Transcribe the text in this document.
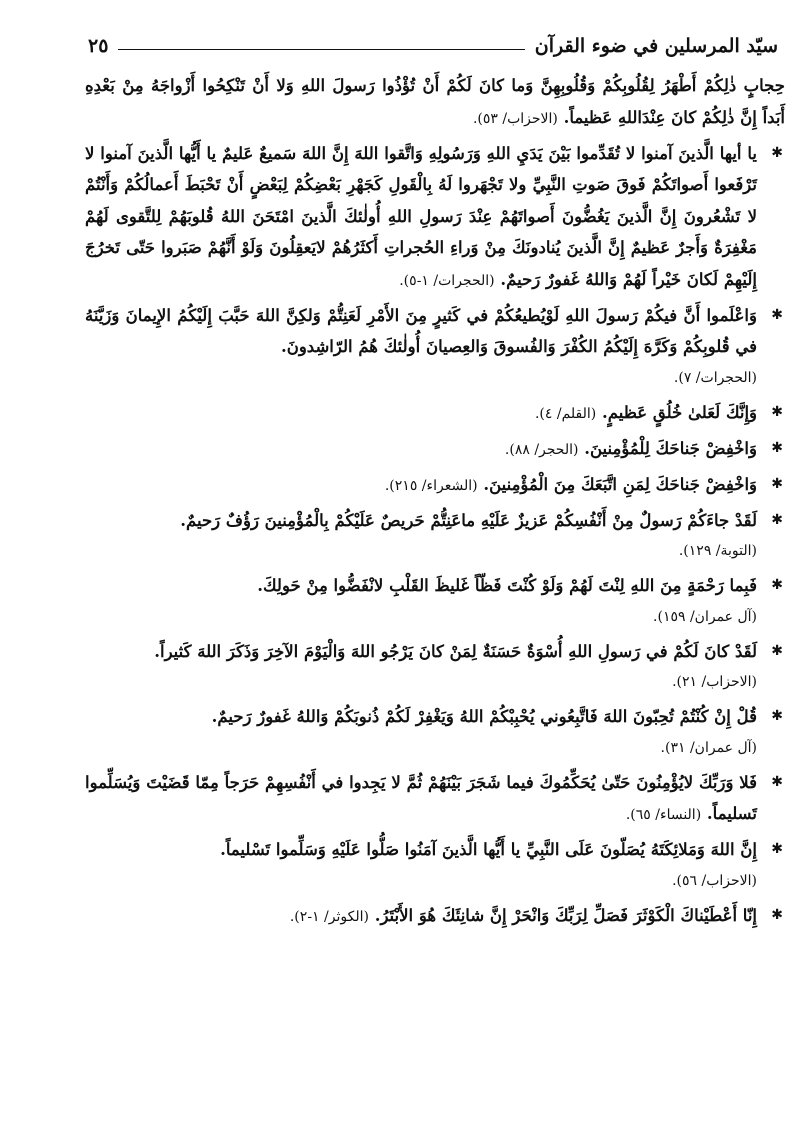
سيّد المرسلين في ضوء القرآن
٢٥

حِجابٍ ذٰلِكُمْ أَطْهَرُ لِقُلُوبِكُمْ وَقُلُوبِهِنَّ وَما كانَ لَكُمْ أَنْ تُؤْذُوا رَسولَ اللهِ وَلا أَنْ تَنْكِحُوا أَزْواجَهُ مِنْ بَعْدِهِ أَبَداً إِنَّ ذٰلِكُمْ كانَ عِنْدَاللهِ عَظيماً. (الاحزاب/ ٥٣).

✱

يا أيها الَّذينَ آمنوا لا تُقَدِّموا بَيْنَ يَدَيِ اللهِ وَرَسُولِهِ وَاتَّقوا اللهَ إِنَّ اللهَ سَميعٌ عَليمٌ يا أَيُّها الَّذينَ آمنوا لا تَرْفَعوا أَصواتَكُمْ فَوقَ صَوتِ النَّبِيِّ ولا تَجْهَروا لَهُ بِالْقَولِ كَجَهْرِ بَعْضِكُمْ لِبَعْضٍ أَنْ تَحْبَطَ أَعمالُكُمْ وَأَنْتُمْ لا تَشْعُرونَ إِنَّ الَّذينَ يَغُضُّونَ أَصواتَهُمْ عِنْدَ رَسولِ اللهِ أُولٰئكَ الَّذينَ امْتَحَنَ اللهُ قُلوبَهُمْ لِلتَّقوى لَهُمْ مَغْفِرَةٌ وَأَجرٌ عَظيمٌ إِنَّ الَّذينَ يُنادونَكَ مِنْ وَراءِ الحُجراتِ أَكثَرُهُمْ لايَعقِلُونَ وَلَوْ أَنَّهُمْ صَبَروا حَتّى تَخرُجَ إِلَيْهِمْ لَكانَ خَيْراً لَهُمْ وَاللهُ غَفورٌ رَحيمٌ. (الحجرات/ ١-٥).

✱

وَاعْلَموا أَنَّ فيكُمْ رَسولَ اللهِ لَوْيُطيعُكُمْ في كَثيرٍ مِنَ الأَمْرِ لَعَنِتُّمْ وَلكِنَّ اللهَ حَبَّبَ إِلَيْكُمُ الإِيمانَ وَزَيَّنَهُ في قُلوبِكُمْ وَكَرَّهَ إِلَيْكُمُ الكُفْرَ وَالفُسوقَ وَالعِصيانَ أُولٰئكَ هُمُ الرّاشِدونَ.
(الحجرات/ ٧).

✱

وَإِنَّكَ لَعَلىٰ خُلُقٍ عَظيمٍ. (القلم/ ٤).

✱

وَاخْفِضْ جَناحَكَ لِلْمُؤْمِنينَ. (الحجر/ ٨٨).

✱

وَاخْفِضْ جَناحَكَ لِمَنِ اتَّبَعَكَ مِنَ الْمُؤْمِنينَ. (الشعراء/ ٢١٥).

✱

لَقَدْ جاءَكُمْ رَسولٌ مِنْ أَنْفُسِكُمْ عَزيزٌ عَلَيْهِ ماعَنِتُّمْ حَريصٌ عَلَيْكُمْ بِالْمُؤْمِنينَ رَؤُفٌ رَحيمٌ.
(التوبة/ ١٢٩).

✱

فَبِما رَحْمَةٍ مِنَ اللهِ لِنْتَ لَهُمْ وَلَوْ كُنْتَ فَظّاً غَليظَ القَلْبِ لانْفَضُّوا مِنْ حَولِكَ.
(آل عمران/ ١٥٩).

✱

لَقَدْ كانَ لَكُمْ في رَسولِ اللهِ أُسْوَةٌ حَسَنَةٌ لِمَنْ كانَ يَرْجُو اللهَ وَالْيَوْمَ الآخِرَ وَذَكَرَ اللهَ كَثيراً.
(الاحزاب/ ٢١).

✱

قُلْ إِنْ كُنْتُمْ تُحِبّونَ اللهَ فَاتَّبِعُوني يُحْبِبْكُمْ اللهُ وَيَغْفِرْ لَكُمْ ذُنوبَكُمْ وَاللهُ غَفورٌ رَحيمٌ.
(آل عمران/ ٣١).

✱

فَلا وَرَبِّكَ لايُؤْمِنُونَ حَتّىٰ يُحَكِّمُوكَ فيما شَجَرَ بَيْنَهُمْ ثُمَّ لا يَجِدوا في أَنْفُسِهِمْ حَرَجاً مِمّا قَضَيْتَ وَيُسَلِّموا تَسليماً. (النساء/ ٦٥).

✱

إِنَّ اللهَ وَمَلائِكَتَهُ يُصَلّونَ عَلَى النَّبِيِّ يا أَيُّها الَّذينَ آمَنُوا صَلُّوا عَلَيْهِ وَسَلِّموا تَسْليماً.
(الاحزاب/ ٥٦).

✱

إِنّا أَعْطَيْناكَ الْكَوْثَرَ فَصَلِّ لِرَبِّكَ وَانْحَرْ إِنَّ شانِئَكَ هُوَ الأَبْتَرُ. (الكوثر/ ١-٢).
